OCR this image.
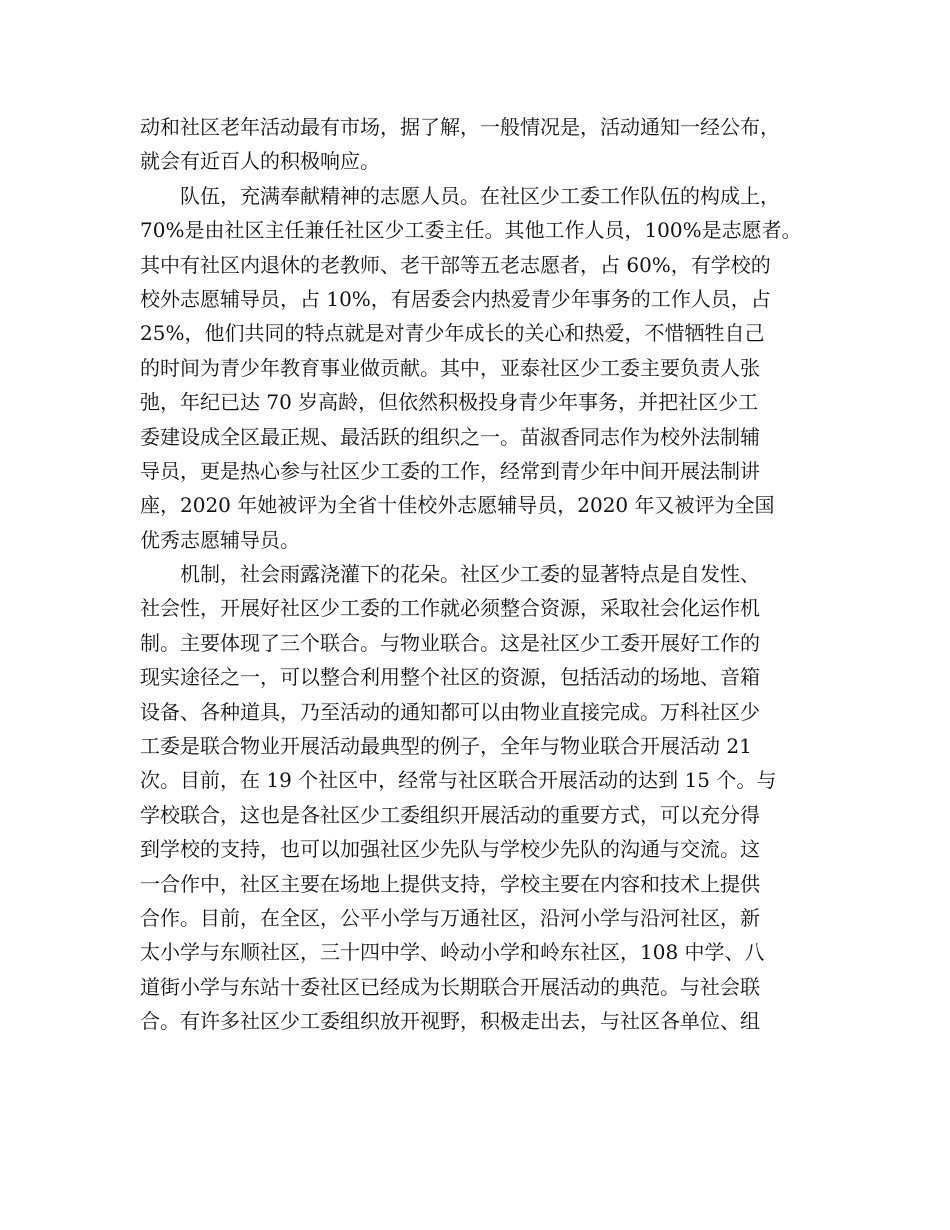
动和社区老年活动最有市场，据了解，一般情况是，活动通知一经公布，
就会有近百人的积极响应。
　　队伍，充满奉献精神的志愿人员。在社区少工委工作队伍的构成上，
70%是由社区主任兼任社区少工委主任。其他工作人员，100%是志愿者。
其中有社区内退休的老教师、老干部等五老志愿者，占 60%，有学校的
校外志愿辅导员，占 10%，有居委会内热爱青少年事务的工作人员，占
25%，他们共同的特点就是对青少年成长的关心和热爱，不惜牺牲自己
的时间为青少年教育事业做贡献。其中，亚泰社区少工委主要负责人张
弛，年纪已达 70 岁高龄，但依然积极投身青少年事务，并把社区少工
委建设成全区最正规、最活跃的组织之一。苗淑香同志作为校外法制辅
导员，更是热心参与社区少工委的工作，经常到青少年中间开展法制讲
座，2020 年她被评为全省十佳校外志愿辅导员，2020 年又被评为全国
优秀志愿辅导员。
　　机制，社会雨露浇灌下的花朵。社区少工委的显著特点是自发性、
社会性，开展好社区少工委的工作就必须整合资源，采取社会化运作机
制。主要体现了三个联合。与物业联合。这是社区少工委开展好工作的
现实途径之一，可以整合利用整个社区的资源，包括活动的场地、音箱
设备、各种道具，乃至活动的通知都可以由物业直接完成。万科社区少
工委是联合物业开展活动最典型的例子，全年与物业联合开展活动 21
次。目前，在 19 个社区中，经常与社区联合开展活动的达到 15 个。与
学校联合，这也是各社区少工委组织开展活动的重要方式，可以充分得
到学校的支持，也可以加强社区少先队与学校少先队的沟通与交流。这
一合作中，社区主要在场地上提供支持，学校主要在内容和技术上提供
合作。目前，在全区，公平小学与万通社区，沿河小学与沿河社区，新
太小学与东顺社区，三十四中学、岭动小学和岭东社区，108 中学、八
道街小学与东站十委社区已经成为长期联合开展活动的典范。与社会联
合。有许多社区少工委组织放开视野，积极走出去，与社区各单位、组
